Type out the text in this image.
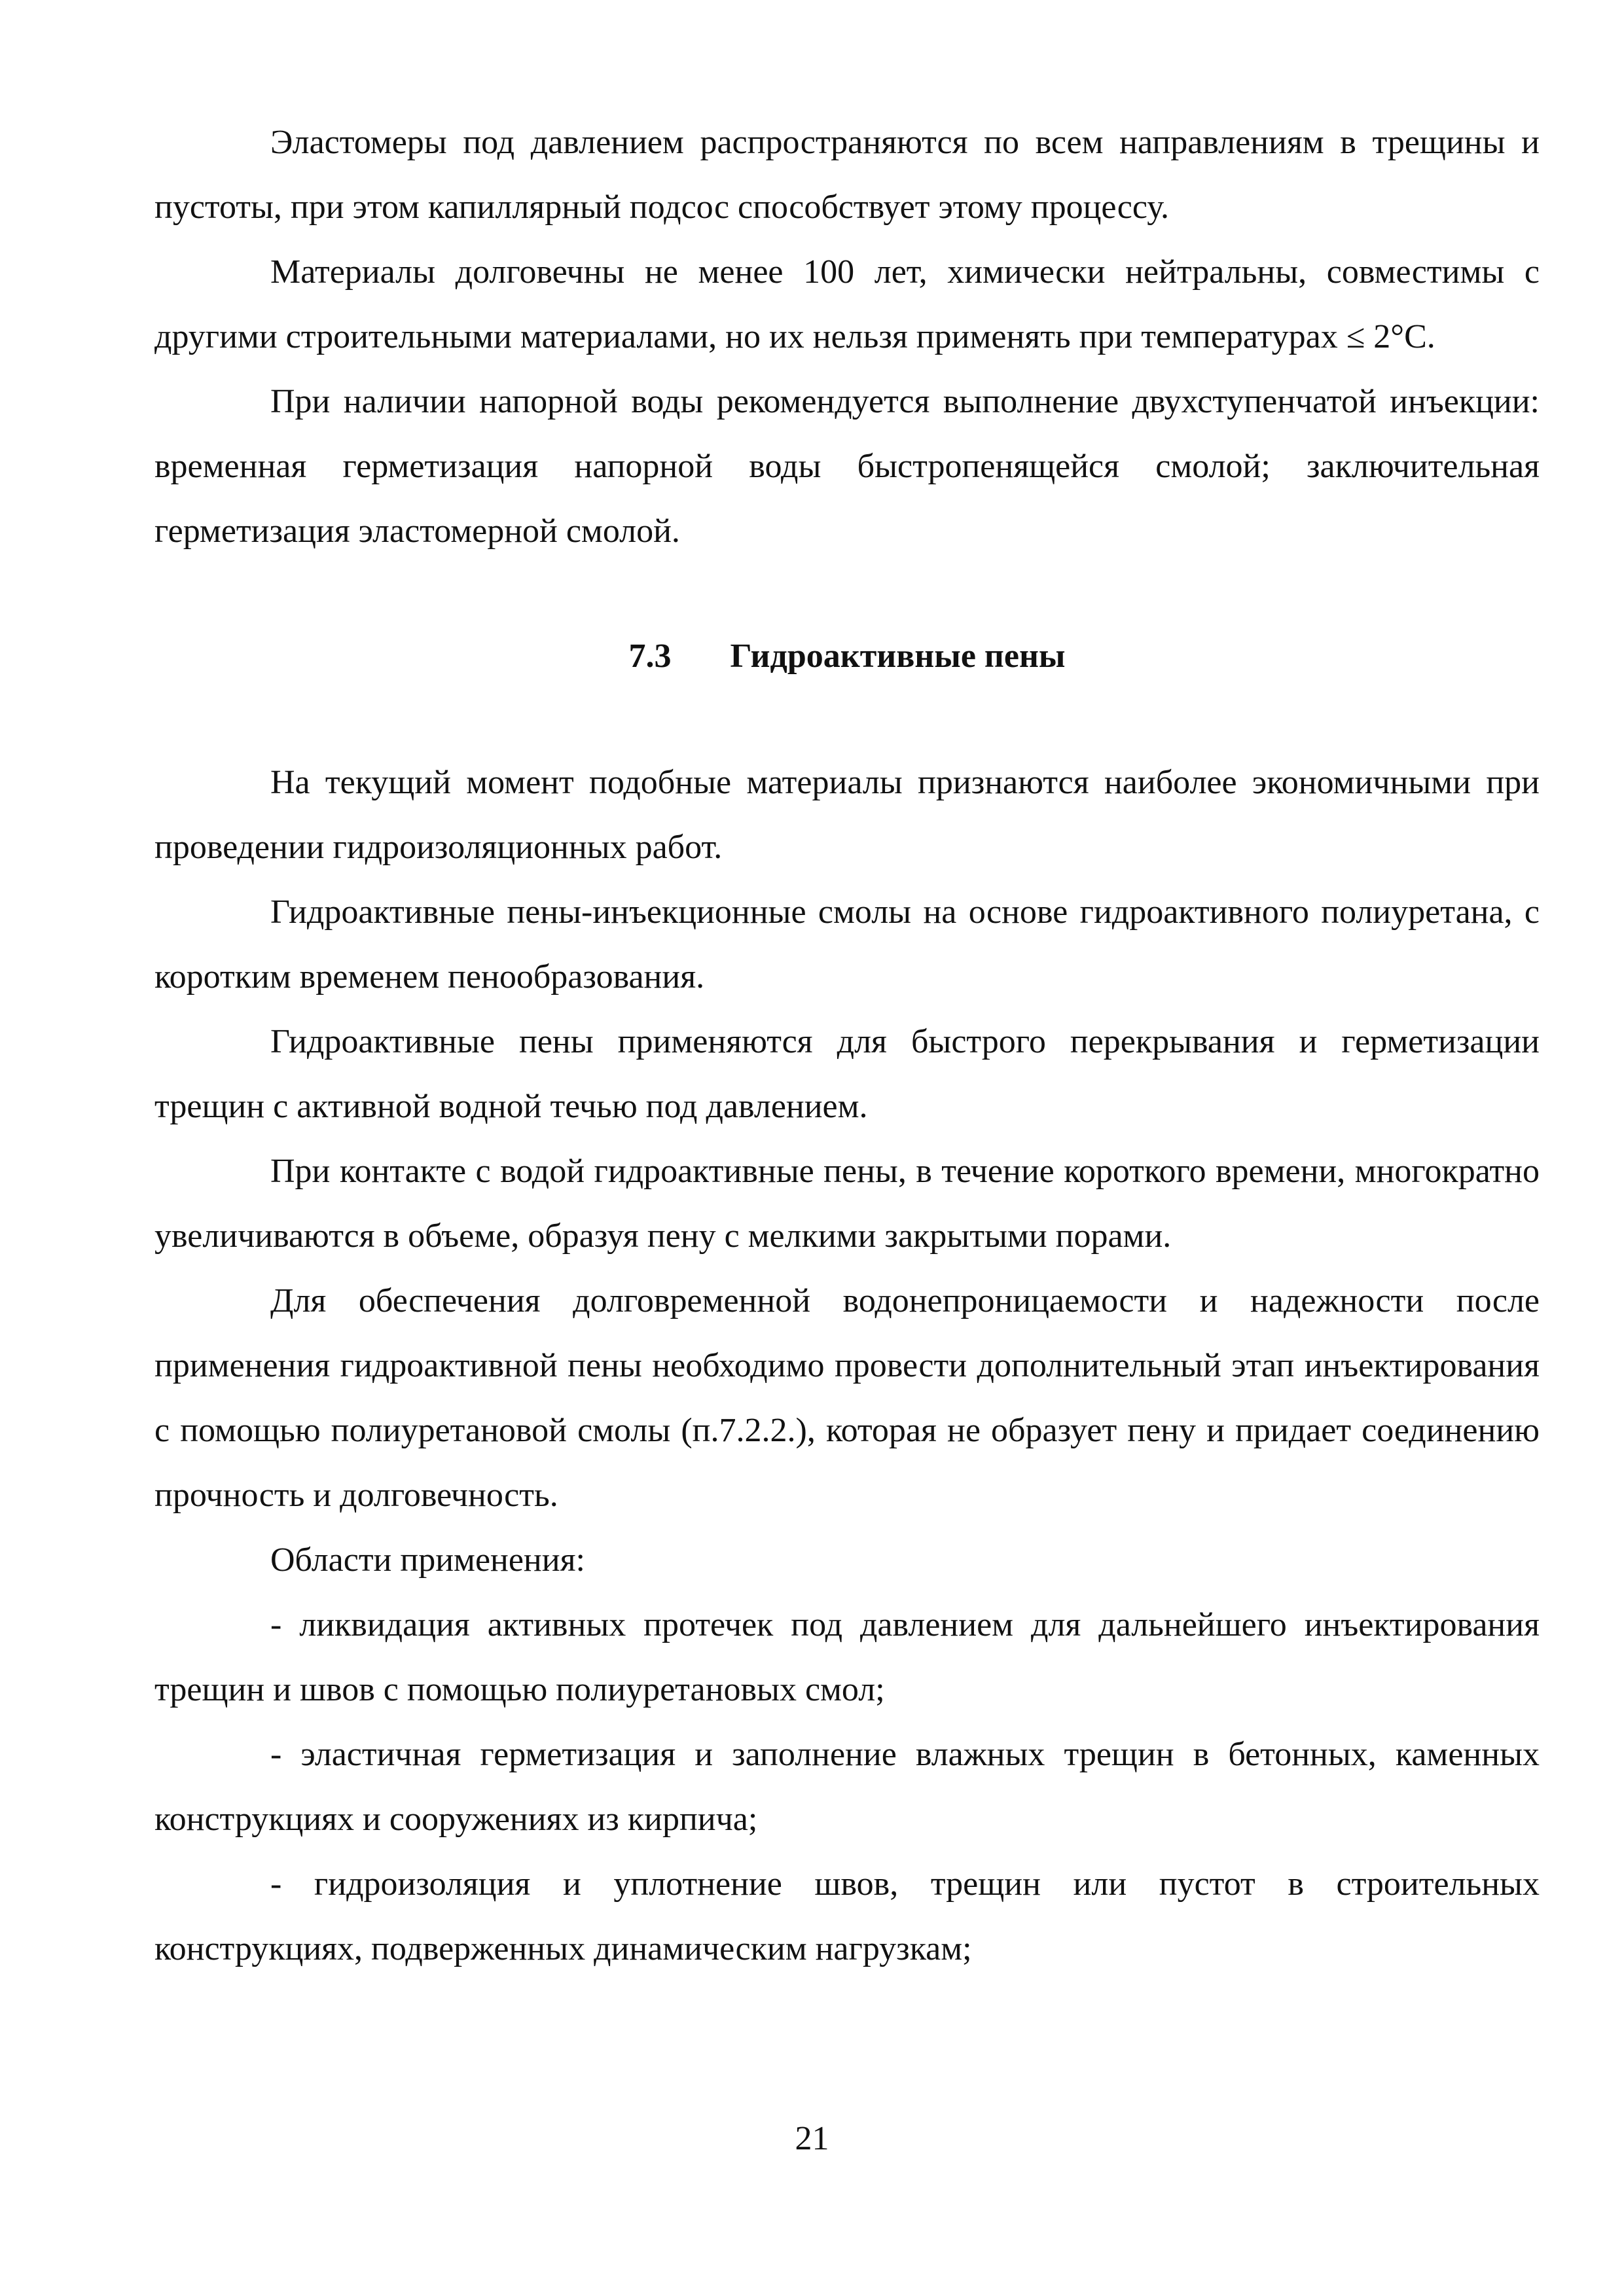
Эластомеры под давлением распространяются по всем направлениям в трещины и пустоты, при этом капиллярный подсос способствует этому процессу.

Материалы долговечны не менее 100 лет, химически нейтральны, совместимы с другими строительными материалами, но их нельзя применять при температурах ≤ 2°С.

При наличии напорной воды рекомендуется выполнение двухступенчатой инъекции: временная герметизация напорной воды быстропенящейся смолой; заключительная герметизация эластомерной смолой.

7.3 Гидроактивные пены

На текущий момент подобные материалы признаются наиболее экономичными при проведении гидроизоляционных работ.

Гидроактивные пены-инъекционные смолы на основе гидроактивного полиуретана, с коротким временем пенообразования.

Гидроактивные пены применяются для быстрого перекрывания и герметизации трещин с активной водной течью под давлением.

При контакте с водой гидроактивные пены, в течение короткого времени, многократно увеличиваются в объеме, образуя пену с мелкими закрытыми порами.

Для обеспечения долговременной водонепроницаемости и надежности после применения гидроактивной пены необходимо провести дополнительный этап инъектирования с помощью полиуретановой смолы (п.7.2.2.), которая не образует пену и придает соединению прочность и долговечность.

Области применения:

- ликвидация активных протечек под давлением для дальнейшего инъектирования трещин и швов с помощью полиуретановых смол;

- эластичная герметизация и заполнение влажных трещин в бетонных, каменных конструкциях и сооружениях из кирпича;

- гидроизоляция и уплотнение швов, трещин или пустот в строительных конструкциях, подверженных динамическим нагрузкам;

21
